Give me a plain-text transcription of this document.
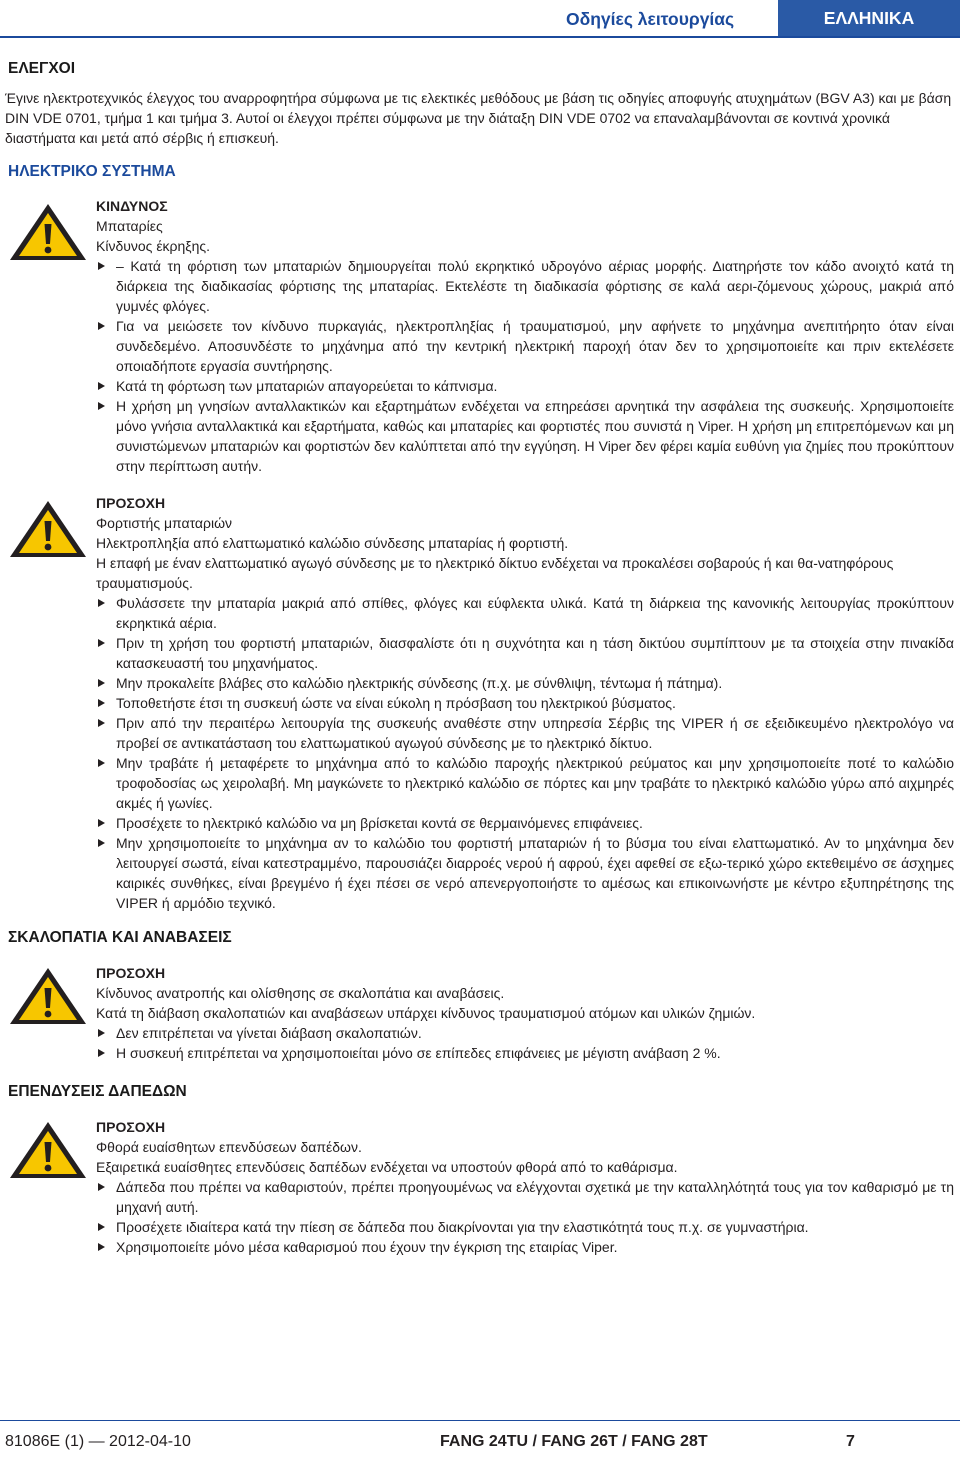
Οδηγίες λειτουργίας	ΕΛΛΗΝΙΚΑ
ΕΛΕΓΧΟΙ
Έγινε ηλεκτροτεχνικός έλεγχος του αναρροφητήρα σύμφωνα με τις ελεκτικές μεθόδους με βάση τις οδηγίες αποφυγής ατυχημάτων (BGV A3) και με βάση DIN VDE 0701, τμήμα 1 και τμήμα 3. Αυτοί οι έλεγχοι πρέπει σύμφωνα με την διάταξη DIN VDE 0702 να επαναλαμβάνονται σε κοντινά χρονικά διαστήματα και μετά από σέρβις ή επισκευή.
ΗΛΕΚΤΡΙΚΟ ΣΥΣΤΗΜΑ
ΚΙΝΔΥΝΟΣ
Μπαταρίες
Κίνδυνος έκρηξης.
– Κατά τη φόρτιση των μπαταριών δημιουργείται πολύ εκρηκτικό υδρογόνο αέριας μορφής. Διατηρήστε τον κάδο ανοιχτό κατά τη διάρκεια της διαδικασίας φόρτισης της μπαταρίας. Εκτελέστε τη διαδικασία φόρτισης σε καλά αερι-ζόμενους χώρους, μακριά από γυμνές φλόγες.
Για να μειώσετε τον κίνδυνο πυρκαγιάς, ηλεκτροπληξίας ή τραυματισμού, μην αφήνετε το μηχάνημα ανεπιτήρητο όταν είναι συνδεδεμένο. Αποσυνδέστε το μηχάνημα από την κεντρική ηλεκτρική παροχή όταν δεν το χρησιμοποιείτε και πριν εκτελέσετε οποιαδήποτε εργασία συντήρησης.
Κατά τη φόρτωση των μπαταριών απαγορεύεται το κάπνισμα.
Η χρήση μη γνησίων ανταλλακτικών και εξαρτημάτων ενδέχεται να επηρεάσει αρνητικά την ασφάλεια της συσκευής. Χρησιμοποιείτε μόνο γνήσια ανταλλακτικά και εξαρτήματα, καθώς και μπαταρίες και φορτιστές που συνιστά η Viper. Η χρήση μη επιτρεπόμενων και μη συνιστώμενων μπαταριών και φορτιστών δεν καλύπτεται από την εγγύηση. Η Viper δεν φέρει καμία ευθύνη για ζημίες που προκύπτουν στην περίπτωση αυτήν.
ΠΡΟΣΟΧΗ
Φορτιστής μπαταριών
Ηλεκτροπληξία από ελαττωματικό καλώδιο σύνδεσης μπαταρίας ή φορτιστή.
Η επαφή με έναν ελαττωματικό αγωγό σύνδεσης με το ηλεκτρικό δίκτυο ενδέχεται να προκαλέσει σοβαρούς ή και θα-νατηφόρους τραυματισμούς.
Φυλάσσετε την μπαταρία μακριά από σπίθες, φλόγες και εύφλεκτα υλικά. Κατά τη διάρκεια της κανονικής λειτουργίας προκύπτουν εκρηκτικά αέρια.
Πριν τη χρήση του φορτιστή μπαταριών, διασφαλίστε ότι η συχνότητα και η τάση δικτύου συμπίπτουν με τα στοιχεία στην πινακίδα κατασκευαστή του μηχανήματος.
Μην προκαλείτε βλάβες στο καλώδιο ηλεκτρικής σύνδεσης (π.χ. με σύνθλιψη, τέντωμα ή πάτημα).
Τοποθετήστε έτσι τη συσκευή ώστε να είναι εύκολη η πρόσβαση του ηλεκτρικού βύσματος.
Πριν από την περαιτέρω λειτουργία της συσκευής αναθέστε στην υπηρεσία Σέρβις της VIPER ή σε εξειδικευμένο ηλεκτρολόγο να προβεί σε αντικατάσταση του ελαττωματικού αγωγού σύνδεσης με το ηλεκτρικό δίκτυο.
Μην τραβάτε ή μεταφέρετε το μηχάνημα από το καλώδιο παροχής ηλεκτρικού ρεύματος και μην χρησιμοποιείτε ποτέ το καλώδιο τροφοδοσίας ως χειρολαβή. Μη μαγκώνετε το ηλεκτρικό καλώδιο σε πόρτες και μην τραβάτε το ηλεκτρικό καλώδιο γύρω από αιχμηρές ακμές ή γωνίες.
Προσέχετε το ηλεκτρικό καλώδιο να μη βρίσκεται κοντά σε θερμαινόμενες επιφάνειες.
Μην χρησιμοποιείτε το μηχάνημα αν το καλώδιο του φορτιστή μπαταριών ή το βύσμα του είναι ελαττωματικό. Αν το μηχάνημα δεν λειτουργεί σωστά, είναι κατεστραμμένο, παρουσιάζει διαρροές νερού ή αφρού, έχει αφεθεί σε εξω-τερικό χώρο εκτεθειμένο σε άσχημες καιρικές συνθήκες, είναι βρεγμένο ή έχει πέσει σε νερό απενεργοποιήστε το αμέσως και επικοινωνήστε με κέντρο εξυπηρέτησης της VIPER ή αρμόδιο τεχνικό.
ΣΚΑΛΟΠΑΤΙΑ ΚΑΙ ΑΝΑΒΑΣΕΙΣ
ΠΡΟΣΟΧΗ
Κίνδυνος ανατροπής και ολίσθησης σε σκαλοπάτια και αναβάσεις.
Κατά τη διάβαση σκαλοπατιών και αναβάσεων υπάρχει κίνδυνος τραυματισμού ατόμων και υλικών ζημιών.
Δεν επιτρέπεται να γίνεται διάβαση σκαλοπατιών.
Η συσκευή επιτρέπεται να χρησιμοποιείται μόνο σε επίπεδες επιφάνειες με μέγιστη ανάβαση 2 %.
ΕΠΕΝΔΥΣΕΙΣ ΔΑΠΕΔΩΝ
ΠΡΟΣΟΧΗ
Φθορά ευαίσθητων επενδύσεων δαπέδων.
Εξαιρετικά ευαίσθητες επενδύσεις δαπέδων ενδέχεται να υποστούν φθορά από το καθάρισμα.
Δάπεδα που πρέπει να καθαριστούν, πρέπει προηγουμένως να ελέγχονται σχετικά με την καταλληλότητά τους για τον καθαρισμό με τη μηχανή αυτή.
Προσέχετε ιδιαίτερα κατά την πίεση σε δάπεδα που διακρίνονται για την ελαστικότητά τους π.χ. σε γυμναστήρια.
Χρησιμοποιείτε μόνο μέσα καθαρισμού που έχουν την έγκριση της εταιρίας Viper.
81086E (1) — 2012-04-10	FANG 24TU / FANG 26T / FANG 28T	7
